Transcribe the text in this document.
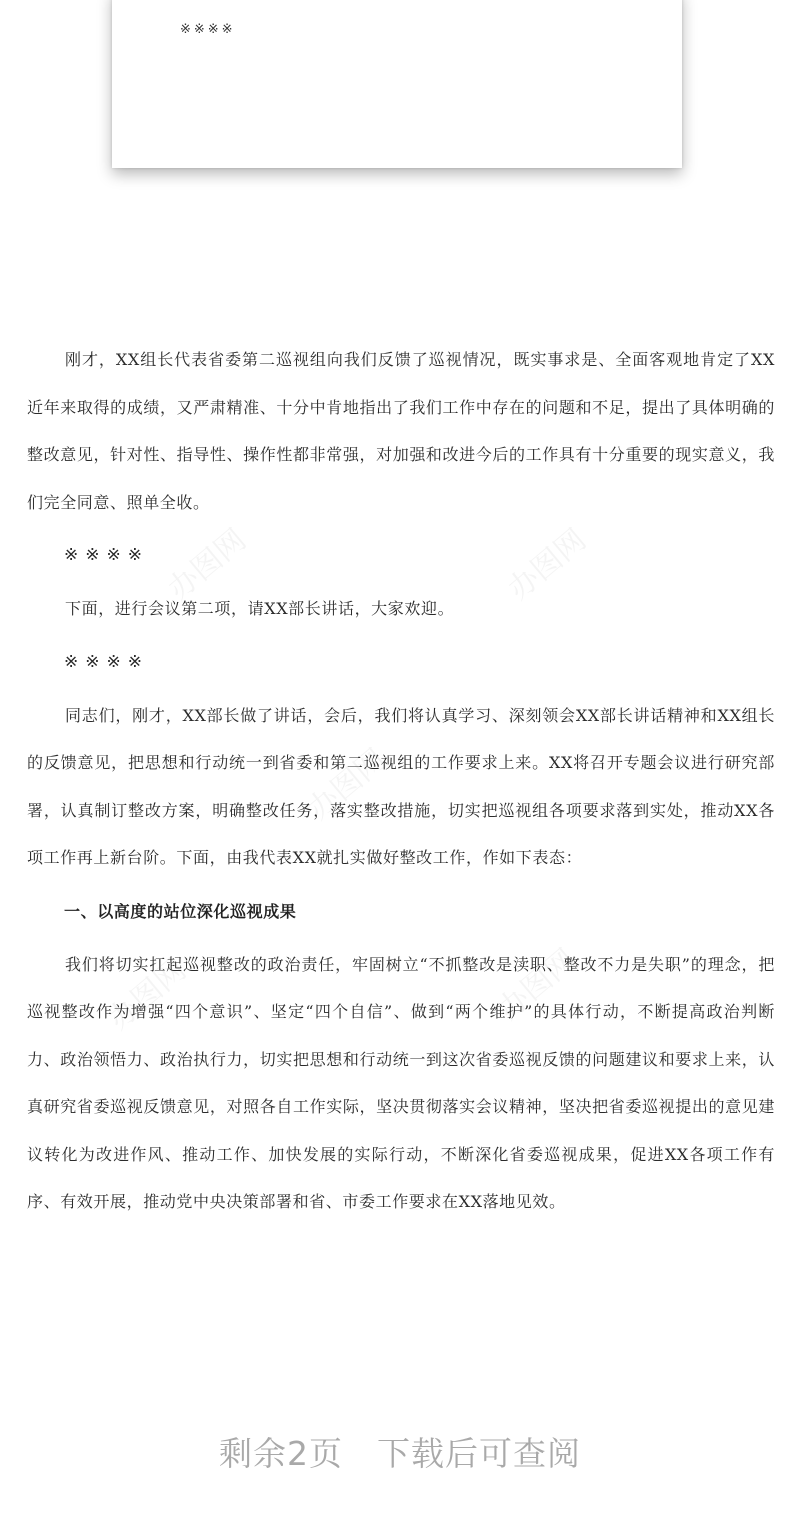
※※※※
办图网	办图网
办图网
办图网	办图网

刚才，XX组长代表省委第二巡视组向我们反馈了巡视情况，既实事求是、全面客观地肯定了XX近年来取得的成绩，又严肃精准、十分中肯地指出了我们工作中存在的问题和不足，提出了具体明确的整改意见，针对性、指导性、操作性都非常强，对加强和改进今后的工作具有十分重要的现实意义，我们完全同意、照单全收。

※※※※

下面，进行会议第二项，请XX部长讲话，大家欢迎。

※※※※

同志们，刚才，XX部长做了讲话，会后，我们将认真学习、深刻领会XX部长讲话精神和XX组长的反馈意见，把思想和行动统一到省委和第二巡视组的工作要求上来。XX将召开专题会议进行研究部署，认真制订整改方案，明确整改任务，落实整改措施，切实把巡视组各项要求落到实处，推动XX各项工作再上新台阶。下面，由我代表XX就扎实做好整改工作，作如下表态：

一、以高度的站位深化巡视成果

我们将切实扛起巡视整改的政治责任，牢固树立“不抓整改是渎职、整改不力是失职”的理念，把巡视整改作为增强“四个意识”、坚定“四个自信”、做到“两个维护”的具体行动，不断提高政治判断力、政治领悟力、政治执行力，切实把思想和行动统一到这次省委巡视反馈的问题建议和要求上来，认真研究省委巡视反馈意见，对照各自工作实际，坚决贯彻落实会议精神，坚决把省委巡视提出的意见建议转化为改进作风、推动工作、加快发展的实际行动，不断深化省委巡视成果，促进XX各项工作有序、有效开展，推动党中央决策部署和省、市委工作要求在XX落地见效。

剩余2页　下载后可查阅
